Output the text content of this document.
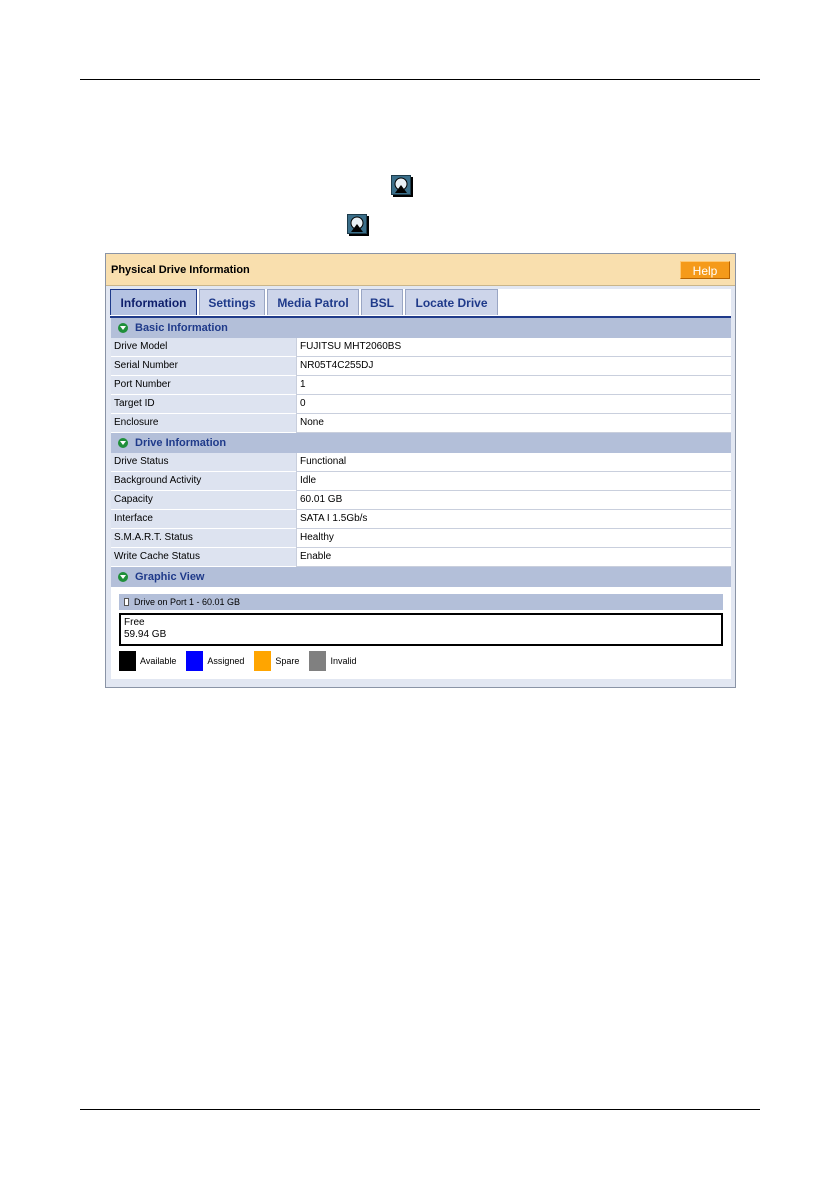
Physical Drive Information	Help
Information	Settings	Media Patrol	BSL	Locate Drive
Basic Information
Drive Model	FUJITSU MHT2060BS
Serial Number	NR05T4C255DJ
Port Number	1
Target ID	0
Enclosure	None
Drive Information
Drive Status	Functional
Background Activity	Idle
Capacity	60.01 GB
Interface	SATA I 1.5Gb/s
S.M.A.R.T. Status	Healthy
Write Cache Status	Enable
Graphic View
Drive on Port 1 - 60.01 GB
Free
59.94 GB
Available	Assigned	Spare	Invalid
